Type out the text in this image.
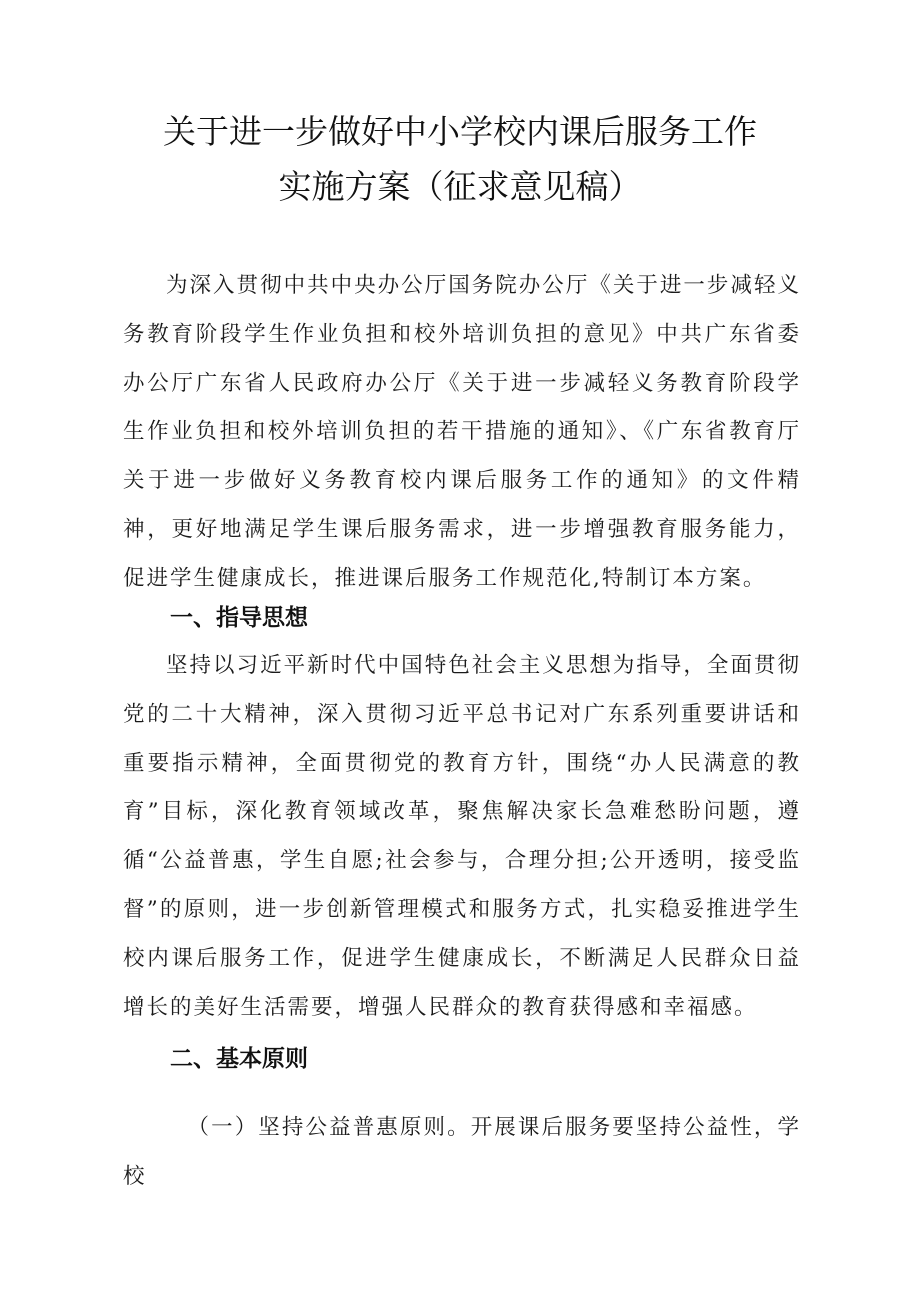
关于进一步做好中小学校内课后服务工作
实施方案（征求意见稿）

为深入贯彻中共中央办公厅国务院办公厅《关于进一步减轻义务教育阶段学生作业负担和校外培训负担的意见》中共广东省委办公厅广东省人民政府办公厅《关于进一步减轻义务教育阶段学生作业负担和校外培训负担的若干措施的通知》、《广东省教育厅关于进一步做好义务教育校内课后服务工作的通知》的文件精神，更好地满足学生课后服务需求，进一步增强教育服务能力，促进学生健康成长，推进课后服务工作规范化,特制订本方案。

一、指导思想

坚持以习近平新时代中国特色社会主义思想为指导，全面贯彻党的二十大精神，深入贯彻习近平总书记对广东系列重要讲话和重要指示精神，全面贯彻党的教育方针，围绕“办人民满意的教育”目标，深化教育领域改革，聚焦解决家长急难愁盼问题，遵循“公益普惠，学生自愿;社会参与，合理分担;公开透明，接受监督”的原则，进一步创新管理模式和服务方式，扎实稳妥推进学生校内课后服务工作，促进学生健康成长，不断满足人民群众日益增长的美好生活需要，增强人民群众的教育获得感和幸福感。

二、基本原则

（一）坚持公益普惠原则。开展课后服务要坚持公益性，学校
